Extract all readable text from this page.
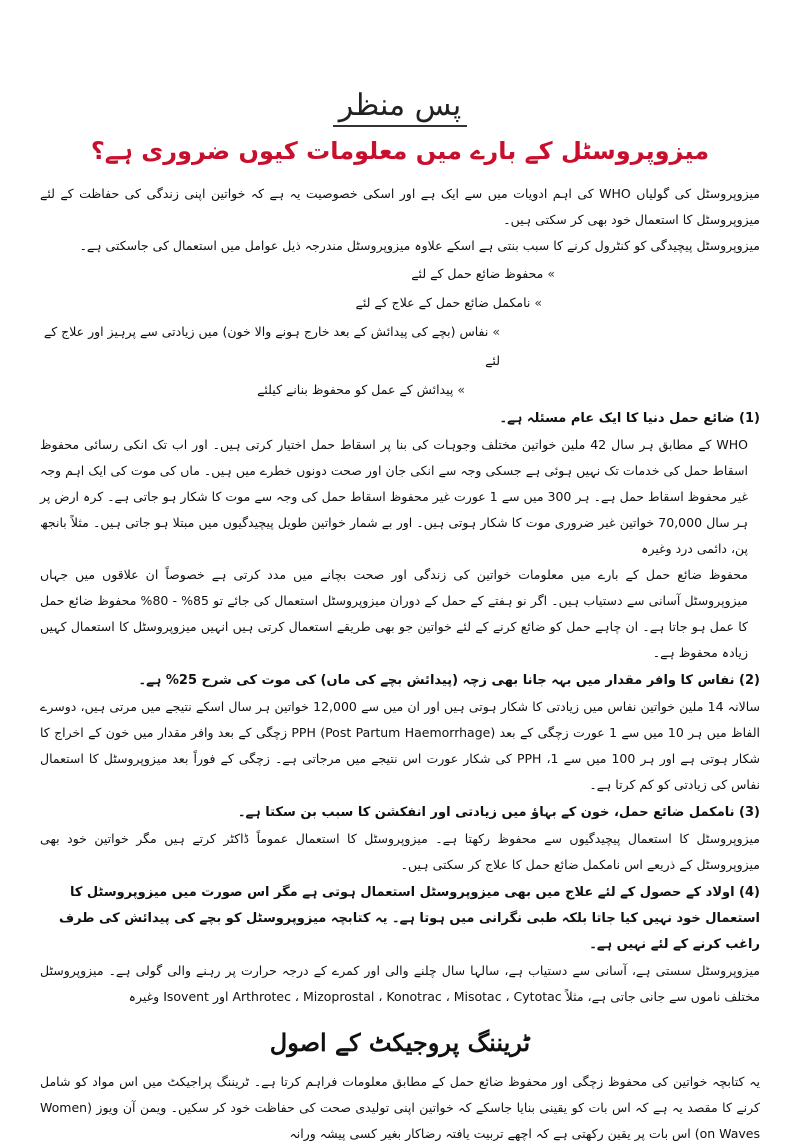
پس منظر
میزوپروسٹل کے بارے میں معلومات کیوں ضروری ہے؟

میزوپروسٹل کی گولیاں WHO کی اہم ادویات میں سے ایک ہے اور اسکی خصوصیت یہ ہے کہ خواتین اپنی زندگی کی حفاظت کے لئے میزوپروسٹل کا استعمال خود بھی کر سکتی ہیں۔

میزوپروسٹل پیچیدگی کو کنٹرول کرنے کا سبب بنتی ہے اسکے علاوہ میزوپروسٹل مندرجہ ذیل عوامل میں استعمال کی جاسکتی ہے۔

» محفوظ ضائع حمل کے لئے
» نامکمل ضائع حمل کے علاج کے لئے
» نفاس (بچے کی پیدائش کے بعد خارج ہونے والا خون) میں زیادتی سے پرہیز اور علاج کے لئے
» پیدائش کے عمل کو محفوظ بنانے کیلئے
(1) ضائع حمل دنیا کا ایک عام مسئلہ ہے۔

WHO کے مطابق ہر سال 42 ملین خواتین مختلف وجوہات کی بنا پر اسقاط حمل اختیار کرتی ہیں۔ اور اب تک انکی رسائی محفوظ اسقاط حمل کی خدمات تک نہیں ہوئی ہے جسکی وجہ سے انکی جان اور صحت دونوں خطرے میں ہیں۔ ماں کی موت کی ایک اہم وجہ غیر محفوظ اسقاط حمل ہے۔ ہر 300 میں سے 1 عورت غیر محفوظ اسقاط حمل کی وجہ سے موت کا شکار ہو جاتی ہے۔ کرہ ارض پر ہر سال 70,000 خواتین غیر ضروری موت کا شکار ہوتی ہیں۔ اور بے شمار خواتین طویل پیچیدگیوں میں مبتلا ہو جاتی ہیں۔ مثلاً بانجھ پن، دائمی درد وغیرہ

محفوظ ضائع حمل کے بارے میں معلومات خواتین کی زندگی اور صحت بچانے میں مدد کرتی ہے خصوصاً ان علاقوں میں جہاں میزوپروسٹل آسانی سے دستیاب ہیں۔ اگر نو ہفتے کے حمل کے دوران میزوپروسٹل استعمال کی جائے تو 85% - 80% محفوظ ضائع حمل کا عمل ہو جاتا ہے۔ ان چاہے حمل کو ضائع کرنے کے لئے خواتین جو بھی طریقے استعمال کرتی ہیں انہیں میزوپروسٹل کا استعمال کہیں زیادہ محفوظ ہے۔

(2) نفاس کا وافر مقدار میں بہہ جانا بھی زچہ (پیدائش بچے کی ماں) کی موت کی شرح 25% ہے۔

سالانہ 14 ملین خواتین نفاس میں زیادتی کا شکار ہوتی ہیں اور ان میں سے 12,000 خواتین ہر سال اسکے نتیجے میں مرتی ہیں، دوسرے الفاظ میں ہر 10 میں سے 1 عورت زچگی کے بعد PPH (Post Partum Haemorrhage) زچگی کے بعد وافر مقدار میں خون کے اخراج کا شکار ہوتی ہے اور ہر 100 میں سے 1، PPH کی شکار عورت اس نتیجے میں مرجاتی ہے۔ زچگی کے فوراً بعد میزوپروسٹل کا استعمال نفاس کی زیادتی کو کم کرتا ہے۔

(3) نامکمل ضائع حمل، خون کے بہاؤ میں زیادتی اور انفکشن کا سبب بن سکتا ہے۔

میزوپروسٹل کا استعمال پیچیدگیوں سے محفوظ رکھتا ہے۔ میزوپروسٹل کا استعمال عموماً ڈاکٹر کرتے ہیں مگر خواتین خود بھی میزوپروسٹل کے ذریعے اس نامکمل ضائع حمل کا علاج کر سکتی ہیں۔

(4) اولاد کے حصول کے لئے علاج میں بھی میزوپروسٹل استعمال ہوتی ہے مگر اس صورت میں میزوپروسٹل کا استعمال خود نہیں کیا جاتا بلکہ طبی نگرانی میں ہوتا ہے۔ یہ کتابچہ میزوپروسٹل کو بچے کی پیدائش کی طرف راغب کرنے کے لئے نہیں ہے۔

میزوپروسٹل سستی ہے، آسانی سے دستیاب ہے، سالہا سال چلنے والی اور کمرے کے درجہ حرارت پر رہنے والی گولی ہے۔ میزوپروسٹل مختلف ناموں سے جانی جاتی ہے، مثلاً Arthrotec ، Mizoprostal ، Konotrac ، Misotac ، Cytotac اور Isovent وغیرہ

ٹریننگ پروجیکٹ کے اصول

یہ کتابچہ خواتین کی محفوظ زچگی اور محفوظ ضائع حمل کے مطابق معلومات فراہم کرتا ہے۔ ٹریننگ پراجیکٹ میں اس مواد کو شامل کرنے کا مقصد یہ ہے کہ اس بات کو یقینی بنایا جاسکے کہ خواتین اپنی تولیدی صحت کی حفاظت خود کر سکیں۔ ویمن آن ویوز (Women on Waves) اس بات پر یقین رکھتی ہے کہ اچھے تربیت یافتہ رضاکار بغیر کسی پیشہ ورانہ
